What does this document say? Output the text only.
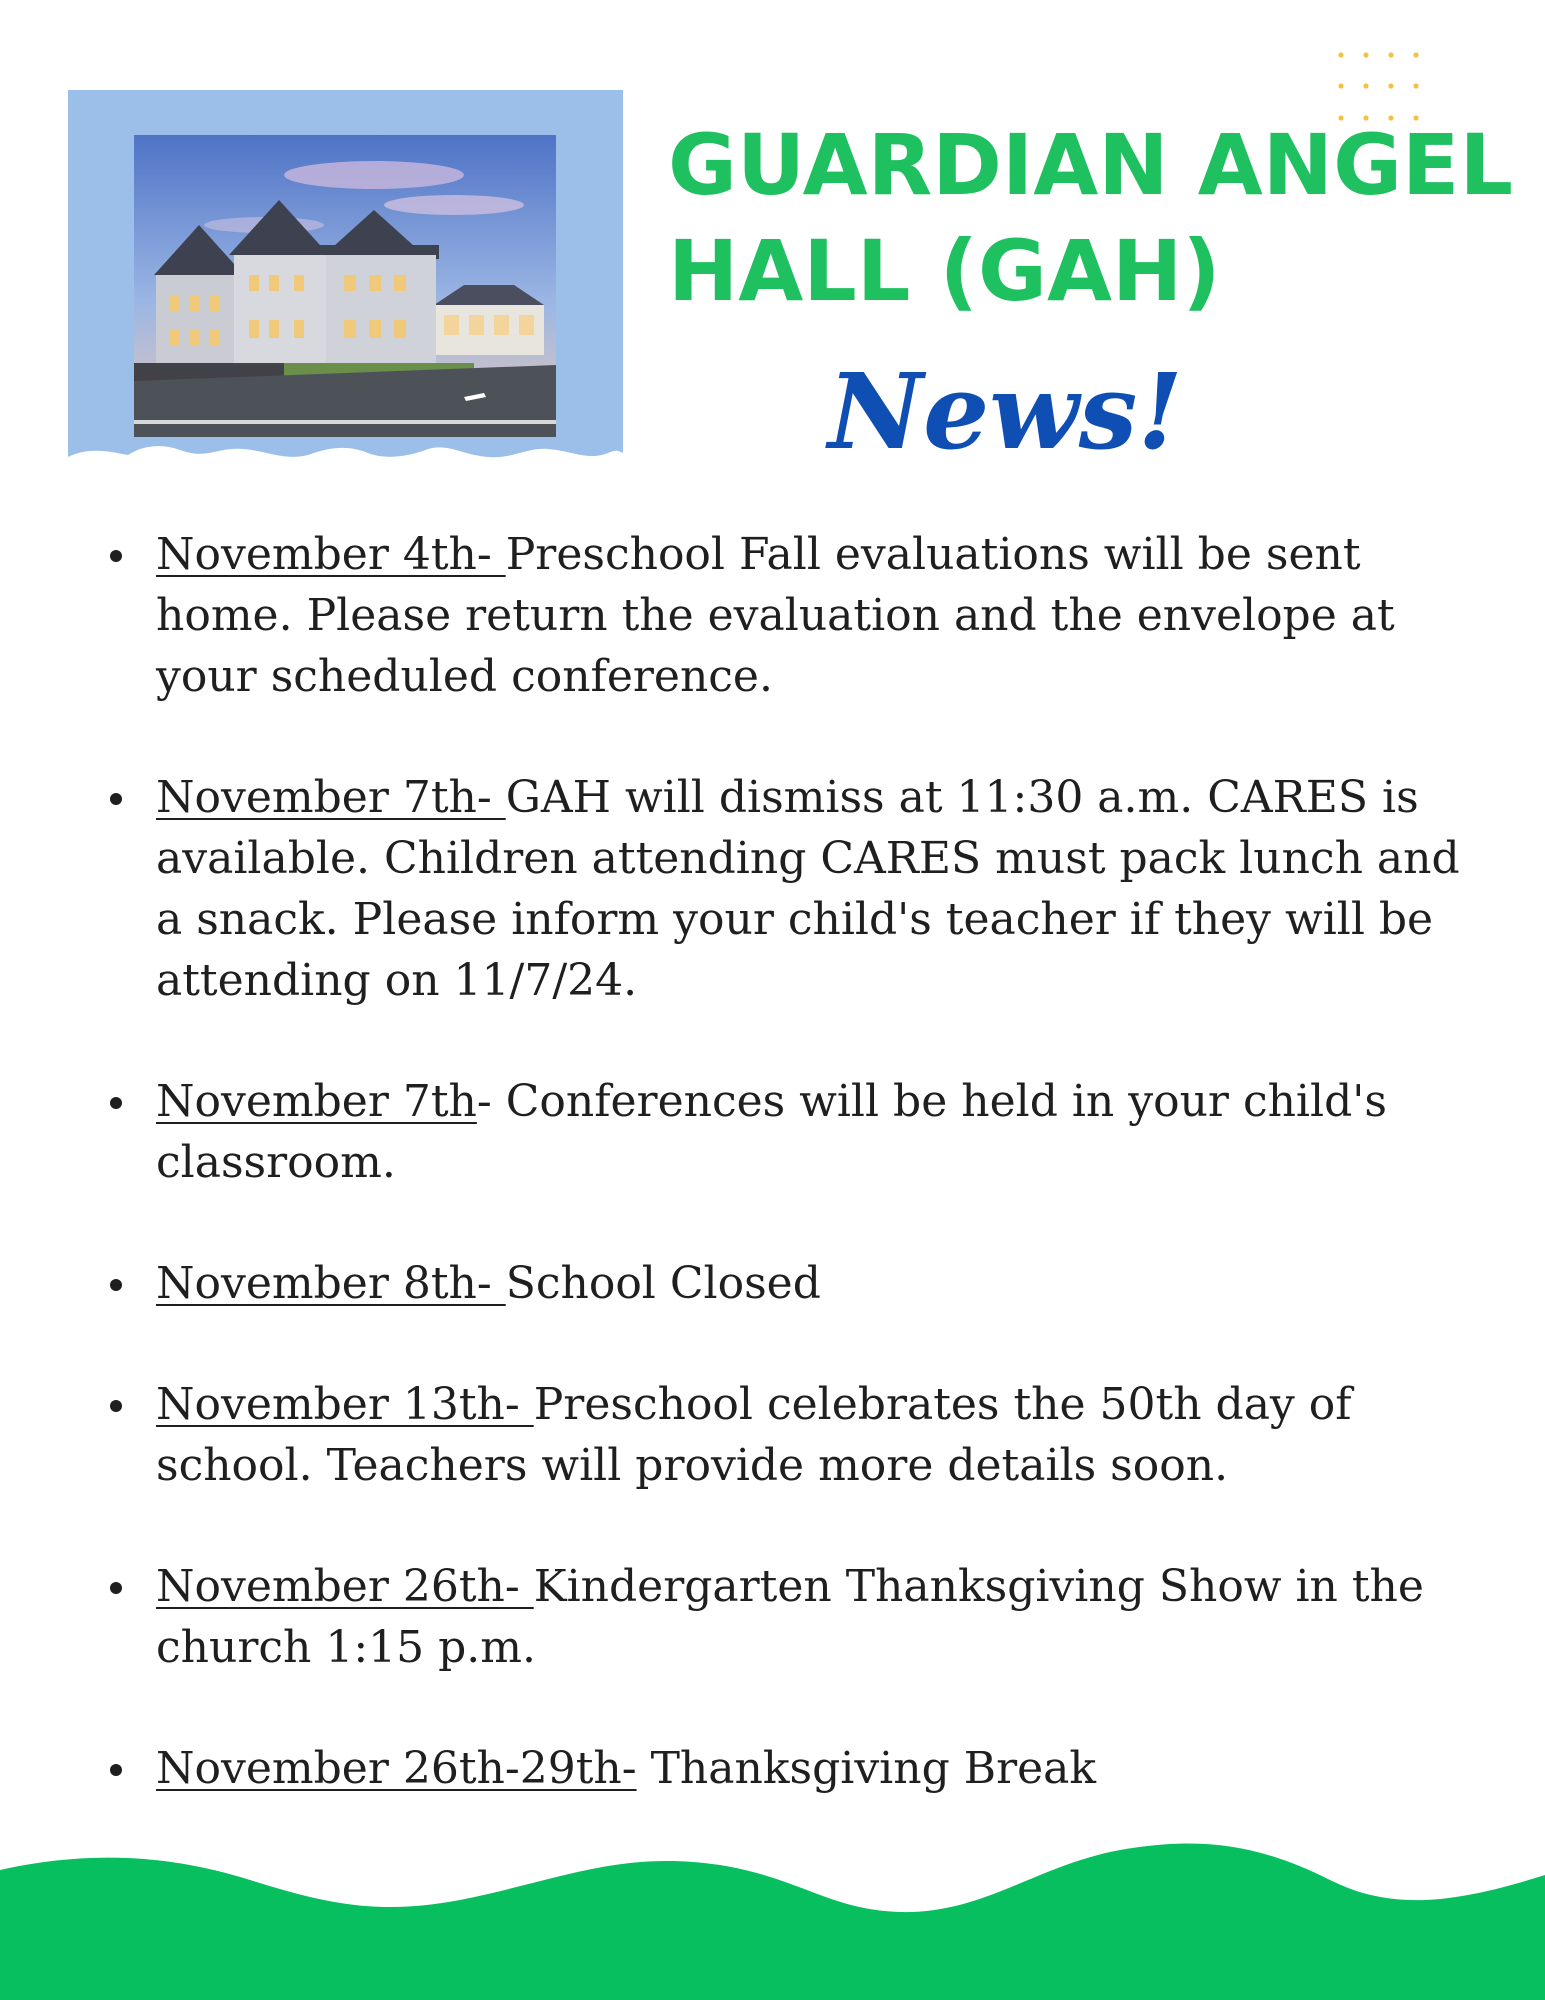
GUARDIAN ANGEL
HALL (GAH)
News!
November 4th- Preschool Fall evaluations will be sent home. Please return the evaluation and the envelope at your scheduled conference.
November 7th- GAH will dismiss at 11:30 a.m. CARES is available. Children attending CARES must pack lunch and a snack. Please inform your child's teacher if they will be attending on 11/7/24.
November 7th- Conferences will be held in your child's classroom.
November 8th- School Closed
November 13th- Preschool celebrates the 50th day of school. Teachers will provide more details soon.
November 26th- Kindergarten Thanksgiving Show in the church 1:15 p.m.
November 26th-29th- Thanksgiving Break
